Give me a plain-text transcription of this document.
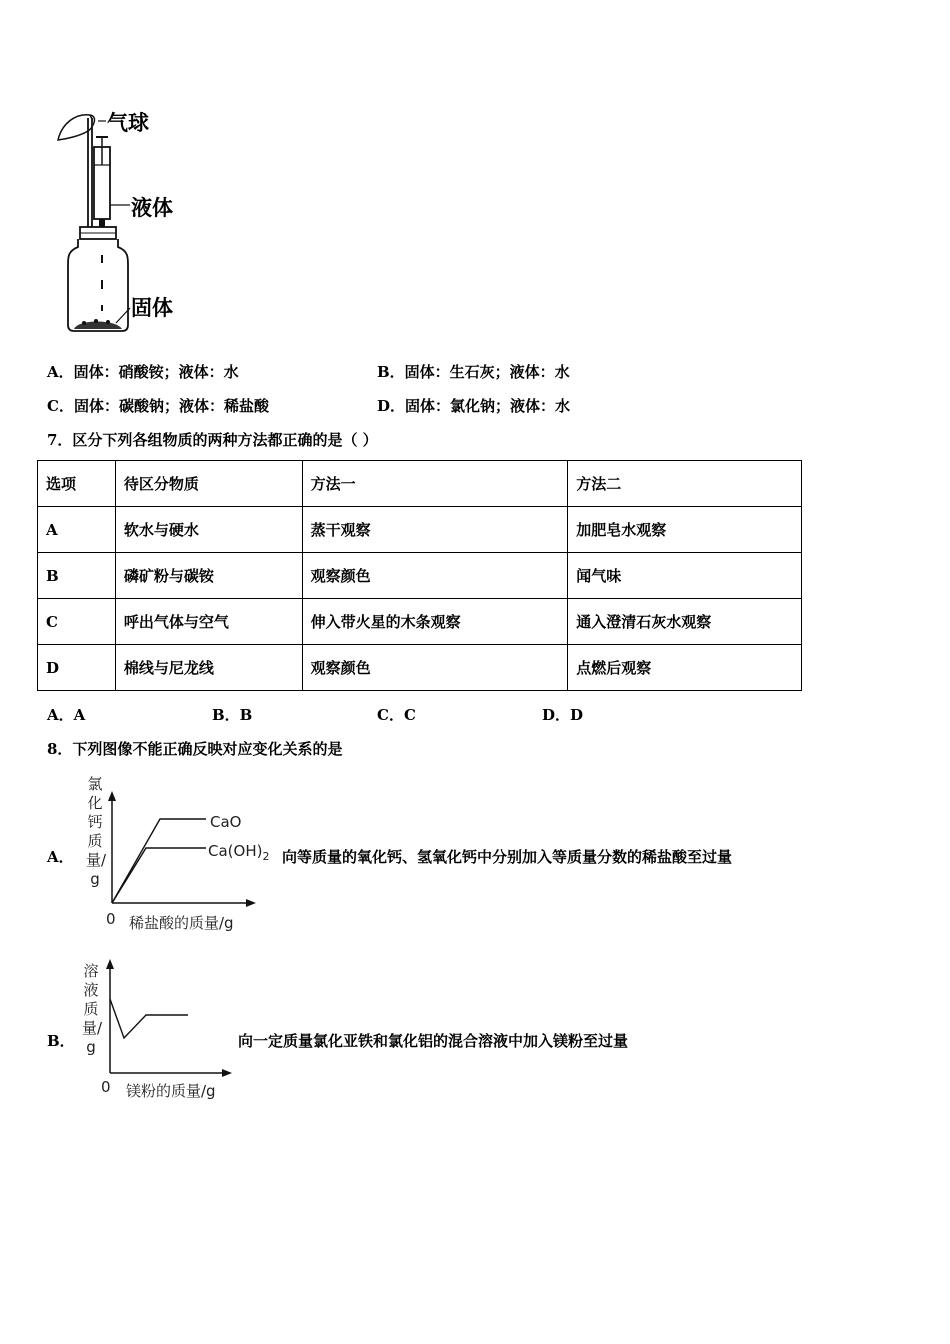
气球
液体
固体
A．固体：硝酸铵；液体：水	B．固体：生石灰；液体：水
C．固体：碳酸钠；液体：稀盐酸	D．固体：氯化钠；液体：水
7．区分下列各组物质的两种方法都正确的是（ ）
选项	待区分物质	方法一	方法二
A	软水与硬水	蒸干观察	加肥皂水观察
B	磷矿粉与碳铵	观察颜色	闻气味
C	呼出气体与空气	伸入带火星的木条观察	通入澄清石灰水观察
D	棉线与尼龙线	观察颜色	点燃后观察
A．A	B．B	C．C	D．D
8．下列图像不能正确反映对应变化关系的是
A．
氯化钙质量/g
CaO
$Ca(OH)_2$
0 稀盐酸的质量/g
向等质量的氧化钙、氢氧化钙中分别加入等质量分数的稀盐酸至过量
B．
溶液质量/g
0 镁粉的质量/g
向一定质量氯化亚铁和氯化铝的混合溶液中加入镁粉至过量
